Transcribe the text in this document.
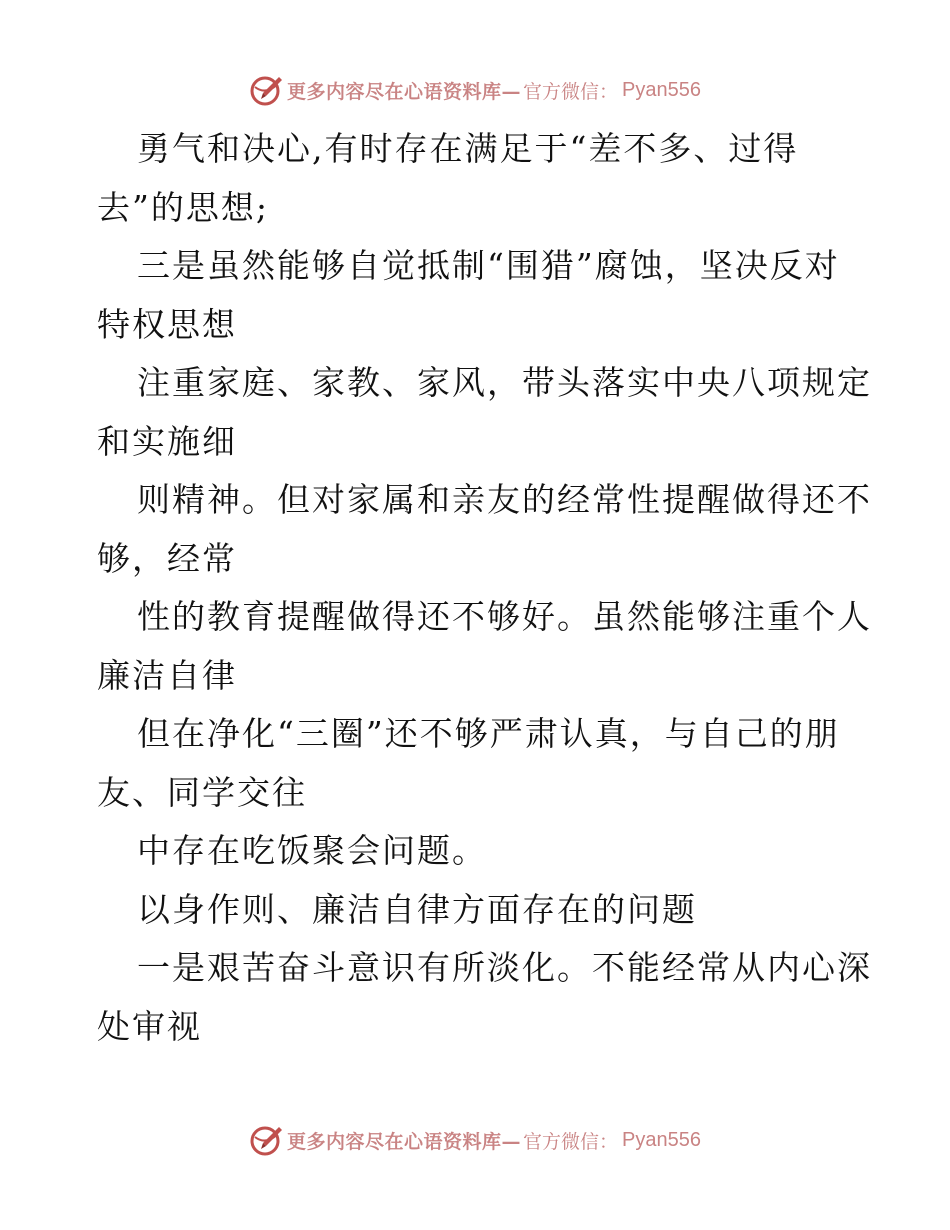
更多内容尽在心语资料库— 官方微信： Pyan556
勇气和决心,有时存在满足于“差不多、过得
去”的思想;
三是虽然能够自觉抵制“围猎”腐蚀，坚决反对
特权思想
注重家庭、家教、家风，带头落实中央八项规定
和实施细
则精神。但对家属和亲友的经常性提醒做得还不
够，经常
性的教育提醒做得还不够好。虽然能够注重个人
廉洁自律
但在净化“三圈”还不够严肃认真，与自己的朋
友、同学交往
中存在吃饭聚会问题。
以身作则、廉洁自律方面存在的问题
一是艰苦奋斗意识有所淡化。不能经常从内心深
处审视
更多内容尽在心语资料库— 官方微信： Pyan556
